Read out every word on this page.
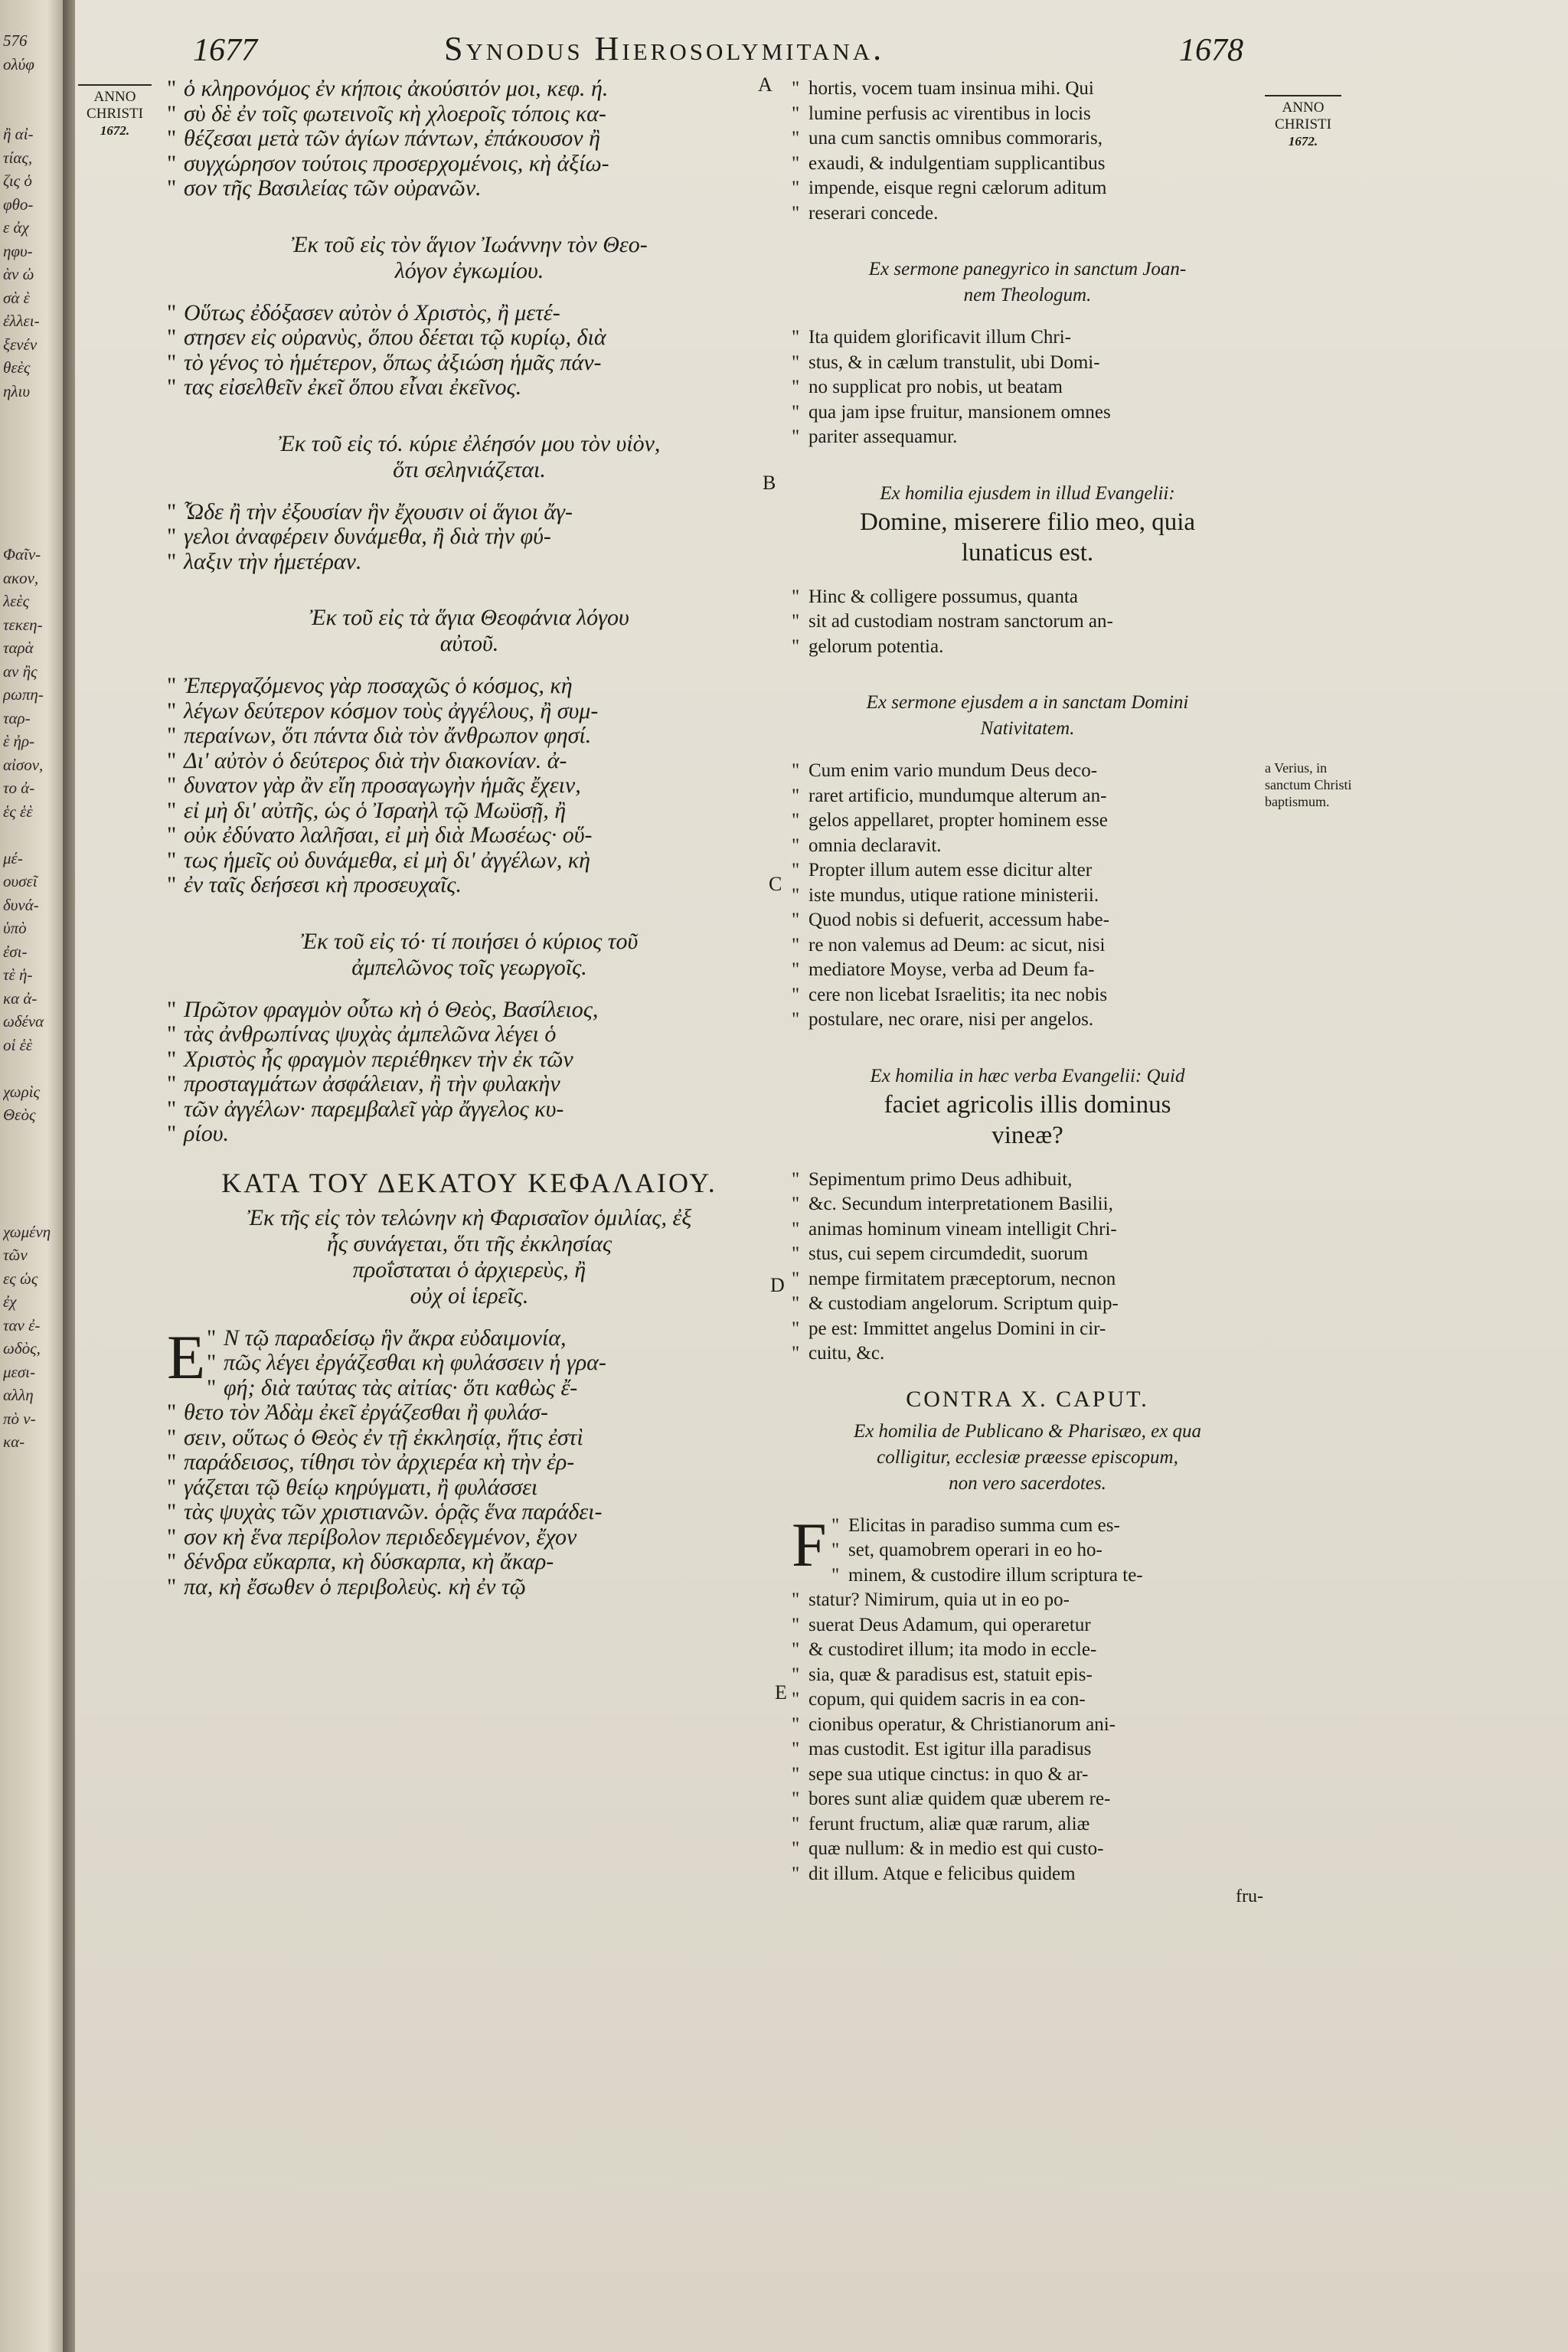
576
ολύφ

ἢ αἰ-
τίας,
ζις ὁ
φθο-
ε ἀχ
ηφυ-
ὰν ὠ
σὰ ὲ
ἐλλει-
ξενέν
θεὲς
ηλιυ

Φαῖν-
ακον,
λεὲς
τεκεη-
ταρὰ
αν ἢς
ρωπη-
ταρ-
ὲ ἠρ-
αἰσον,
το ἀ-
ἑς ἑὲ

μέ-
ουσεῖ
δυνά-
ὑπὸ
ἐσι-
τὲ ἡ-
κα ἀ-
ωδένα
οἱ ἑὲ

χωρὶς
Θεὸς

χωμένη
τῶν
ες ὡς
ἐχ
ταν ἐ-
ωδὸς,
μεσι-
αλλη
πὸ ν-
κα-
1677	Synodus Hierosolymitana.	1678
ANNO
CHRISTI
1672.
ANNO
CHRISTI
1672.
A
B
C
D
E
a Verius, in sanctum Christi baptismum.
" ὁ κληρονόμος ἐν κήποις ἀκούσιτόν μοι, κεφ. ή.
" σὺ δὲ ἐν τοῖς φωτεινοῖς κὴ χλοεροῖς τόποις κα-
" θέζεσαι μετὰ τῶν ἁγίων πάντων, ἐπάκουσον ἢ
" συγχώρησον τούτοις προσερχομένοις, κὴ ἀξίω-
" σον τῆς Βασιλείας τῶν οὐρανῶν.
Ἐκ τοῦ εἰς τὸν ἅγιον Ἰωάννην τὸν Θεο-
λόγον ἐγκωμίου.
" Οὕτως ἐδόξασεν αὐτὸν ὁ Χριστὸς, ἢ μετέ-
" στησεν εἰς οὐρανὺς, ὅπου δέεται τῷ κυρίῳ, διὰ
" τὸ γένος τὸ ἡμέτερον, ὅπως ἀξιώση ἡμᾶς πάν-
" τας εἰσελθεῖν ἐκεῖ ὅπου εἶναι ἐκεῖνος.
Ἐκ τοῦ εἰς τό. κύριε ἐλέησόν μου τὸν υἱὸν,
ὅτι σεληνιάζεται.
" Ὧδε ἢ τὴν ἐξουσίαν ἣν ἔχουσιν οἱ ἅγιοι ἄγ-
" γελοι ἀναφέρειν δυνάμεθα, ἢ διὰ τὴν φύ-
" λαξιν τὴν ἡμετέραν.
Ἐκ τοῦ εἰς τὰ ἅγια Θεοφάνια λόγου
αὐτοῦ.
" Ἐπεργαζόμενος γὰρ ποσαχῶς ὁ κόσμος, κὴ
" λέγων δεύτερον κόσμον τοὺς ἀγγέλους, ἢ συμ-
" περαίνων, ὅτι πάντα διὰ τὸν ἄνθρωπον φησί.
" Δι' αὐτὸν ὁ δεύτερος διὰ τὴν διακονίαν. ἀ-
" δυνατον γὰρ ἂν εἴη προσαγωγὴν ἡμᾶς ἔχειν,
" εἰ μὴ δι' αὐτῆς, ὡς ὁ Ἰσραὴλ τῷ Μωϋσῇ, ἢ
" οὐκ ἐδύνατο λαλῆσαι, εἰ μὴ διὰ Μωσέως· οὕ-
" τως ἡμεῖς οὐ δυνάμεθα, εἰ μὴ δι' ἀγγέλων, κὴ
" ἐν ταῖς δεήσεσι κὴ προσευχαῖς.
Ἐκ τοῦ εἰς τό· τί ποιήσει ὁ κύριος τοῦ
ἀμπελῶνος τοῖς γεωργοῖς.
" Πρῶτον φραγμὸν οὗτω κὴ ὁ Θεὸς, Βασίλειος,
" τὰς ἀνθρωπίνας ψυχὰς ἀμπελῶνα λέγει ὁ
" Χριστὸς ἧς φραγμὸν περιέθηκεν τὴν ἐκ τῶν
" προσταγμάτων ἀσφάλειαν, ἢ τὴν φυλακὴν
" τῶν ἀγγέλων· παρεμβαλεῖ γὰρ ἄγγελος κυ-
" ρίου.
ΚΑΤΑ ΤΟΥ ΔΕΚΑΤΟΥ ΚΕΦΑΛΑΙΟΥ.
Ἐκ τῆς εἰς τὸν τελώνην κὴ Φαρισαῖον ὁμιλίας, ἐξ
ἧς συνάγεται, ὅτι τῆς ἐκκλησίας
προΐσταται ὁ ἀρχιερεὺς, ἢ
οὐχ οἱ ἱερεῖς.
Ε " Ν τῷ παραδείσῳ ἣν ἄκρα εὐδαιμονία,
" πῶς λέγει ἐργάζεσθαι κὴ φυλάσσειν ἡ γρα-
" φή; διὰ ταύτας τὰς αἰτίας· ὅτι καθὼς ἔ-
" θετο τὸν Ἀδὰμ ἐκεῖ ἐργάζεσθαι ἢ φυλάσ-
" σειν, οὕτως ὁ Θεὸς ἐν τῇ ἐκκλησίᾳ, ἥτις ἐστὶ
" παράδεισος, τίθησι τὸν ἀρχιερέα κὴ τὴν ἐρ-
" γάζεται τῷ θείῳ κηρύγματι, ἢ φυλάσσει
" τὰς ψυχὰς τῶν χριστιανῶν. ὁρᾷς ἕνα παράδει-
" σον κὴ ἕνα περίβολον περιδεδεγμένον, ἔχον
" δένδρα εὔκαρπα, κὴ δύσκαρπα, κὴ ἄκαρ-
" πα, κὴ ἔσωθεν ὁ περιβολεὺς. κὴ ἐν τῷ
" hortis, vocem tuam insinua mihi. Qui
" lumine perfusis ac virentibus in locis
" una cum sanctis omnibus commoraris,
" exaudi, & indulgentiam supplicantibus
" impende, eisque regni cælorum aditum
" reserari concede.
Ex sermone panegyrico in sanctum Joan-
nem Theologum.
" Ita quidem glorificavit illum Chri-
" stus, & in cælum transtulit, ubi Domi-
" no supplicat pro nobis, ut beatam
" qua jam ipse fruitur, mansionem omnes
" pariter assequamur.
Ex homilia ejusdem in illud Evangelii:
Domine, miserere filio meo, quia
lunaticus est.
" Hinc & colligere possumus, quanta
" sit ad custodiam nostram sanctorum an-
" gelorum potentia.
Ex sermone ejusdem a in sanctam Domini
Nativitatem.
" Cum enim vario mundum Deus deco-
" raret artificio, mundumque alterum an-
" gelos appellaret, propter hominem esse
" omnia declaravit.
" Propter illum autem esse dicitur alter
" iste mundus, utique ratione ministerii.
" Quod nobis si defuerit, accessum habe-
" re non valemus ad Deum: ac sicut, nisi
" mediatore Moyse, verba ad Deum fa-
" cere non licebat Israelitis; ita nec nobis
" postulare, nec orare, nisi per angelos.
Ex homilia in hæc verba Evangelii: Quid
faciet agricolis illis dominus
vineæ?
" Sepimentum primo Deus adhibuit,
" &c. Secundum interpretationem Basilii,
" animas hominum vineam intelligit Chri-
" stus, cui sepem circumdedit, suorum
" nempe firmitatem præceptorum, necnon
" & custodiam angelorum. Scriptum quip-
" pe est: Immittet angelus Domini in cir-
" cuitu, &c.
CONTRA X. CAPUT.
Ex homilia de Publicano & Pharisæo, ex qua
colligitur, ecclesiæ præesse episcopum,
non vero sacerdotes.
F " Elicitas in paradiso summa cum es-
" set, quamobrem operari in eo ho-
" minem, & custodire illum scriptura te-
" statur? Nimirum, quia ut in eo po-
" suerat Deus Adamum, qui operaretur
" & custodiret illum; ita modo in eccle-
" sia, quæ & paradisus est, statuit epis-
" copum, qui quidem sacris in ea con-
" cionibus operatur, & Christianorum ani-
" mas custodit. Est igitur illa paradisus
" sepe sua utique cinctus: in quo & ar-
" bores sunt aliæ quidem quæ uberem re-
" ferunt fructum, aliæ quæ rarum, aliæ
" quæ nullum: & in medio est qui custo-
" dit illum. Atque e felicibus quidem
fru-
